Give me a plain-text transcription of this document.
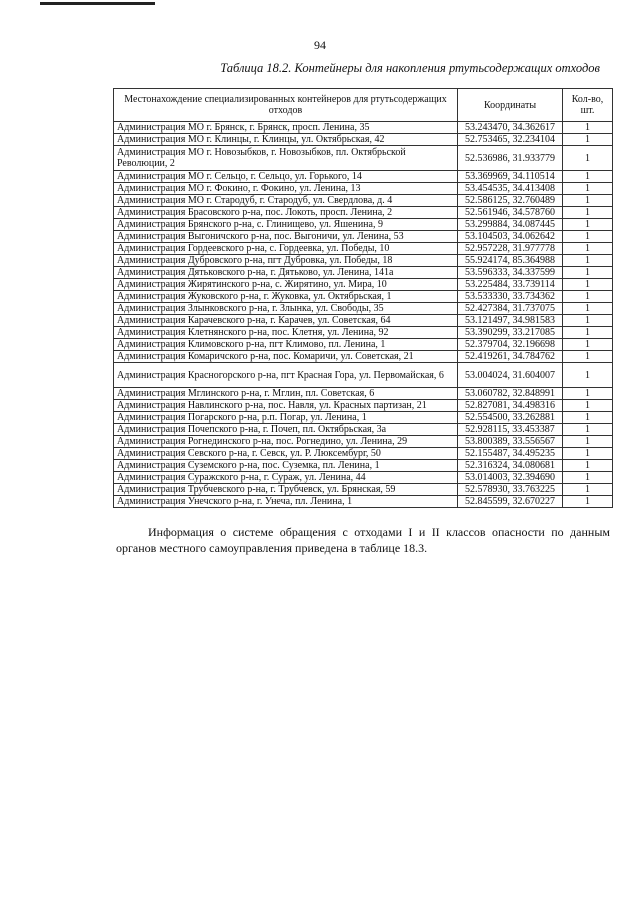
94
Таблица 18.2. Контейнеры для накопления ртутьсодержащих отходов
Местонахождение специализированных контейнеров для ртутьсодержащих отходов	Координаты	Кол-во, шт.
Администрация МО г. Брянск, г. Брянск, просп. Ленина, 35	53.243470, 34.362617	1
Администрация МО г. Клинцы, г. Клинцы, ул. Октябрьская, 42	52.753465, 32.234104	1
Администрация МО г. Новозыбков, г. Новозыбков, пл. Октябрьской Революции, 2	52.536986, 31.933779	1
Администрация МО г. Сельцо, г. Сельцо, ул. Горького, 14	53.369969, 34.110514	1
Администрация МО г. Фокино, г. Фокино, ул. Ленина, 13	53.454535, 34.413408	1
Администрация МО г. Стародуб, г. Стародуб, ул. Свердлова, д. 4	52.586125, 32.760489	1
Администрация Брасовского р-на, пос. Локоть, просп. Ленина, 2	52.561946, 34.578760	1
Администрация Брянского р-на, с. Глинищево, ул. Яшенина, 9	53.299884, 34.087445	1
Администрация Выгоничского р-на, пос. Выгоничи, ул. Ленина, 53	53.104503, 34.062642	1
Администрация Гордеевского р-на, с. Гордеевка, ул. Победы, 10	52.957228, 31.977778	1
Администрация Дубровского р-на, пгт Дубровка, ул. Победы, 18	55.924174, 85.364988	1
Администрация Дятьковского р-на, г. Дятьково, ул. Ленина, 141а	53.596333, 34.337599	1
Администрация Жирятинского р-на, с. Жирятино, ул. Мира, 10	53.225484, 33.739114	1
Администрация Жуковского р-на, г. Жуковка, ул. Октябрьская, 1	53.533330, 33.734362	1
Администрация Злынковского р-на, г. Злынка, ул. Свободы, 35	52.427384, 31.737075	1
Администрация Карачевского р-на, г. Карачев, ул. Советская, 64	53.121497, 34.981583	1
Администрация Клетнянского р-на, пос. Клетня, ул. Ленина, 92	53.390299, 33.217085	1
Администрация Климовского р-на, пгт Климово, пл. Ленина, 1	52.379704, 32.196698	1
Администрация Комаричского р-на, пос. Комаричи, ул. Советская, 21	52.419261, 34.784762	1
Администрация Красногорского р-на, пгт Красная Гора, ул. Первомайская, 6	53.004024, 31.604007	1
Администрация Мглинского р-на, г. Мглин, пл. Советская, 6	53.060782, 32.848991	1
Администрация Навлинского р-на, пос. Навля, ул. Красных партизан, 21	52.827081, 34.498316	1
Администрация Погарского р-на, р.п. Погар, ул. Ленина, 1	52.554500, 33.262881	1
Администрация Почепского р-на, г. Почеп, пл. Октябрьская, 3а	52.928115, 33.453387	1
Администрация Рогнединского р-на, пос. Рогнедино, ул. Ленина, 29	53.800389, 33.556567	1
Администрация Севского р-на, г. Севск, ул. Р. Люксембург, 50	52.155487, 34.495235	1
Администрация Суземского р-на, пос. Суземка, пл. Ленина, 1	52.316324, 34.080681	1
Администрация Суражского р-на, г. Сураж, ул. Ленина, 44	53.014003, 32.394690	1
Администрация Трубчевского р-на, г. Трубчевск, ул. Брянская, 59	52.578930, 33.763225	1
Администрация Унечского р-на, г. Унеча, пл. Ленина, 1	52.845599, 32.670227	1
Информация о системе обращения с отходами I и II классов опасности по данным органов местного самоуправления приведена в таблице 18.3.
